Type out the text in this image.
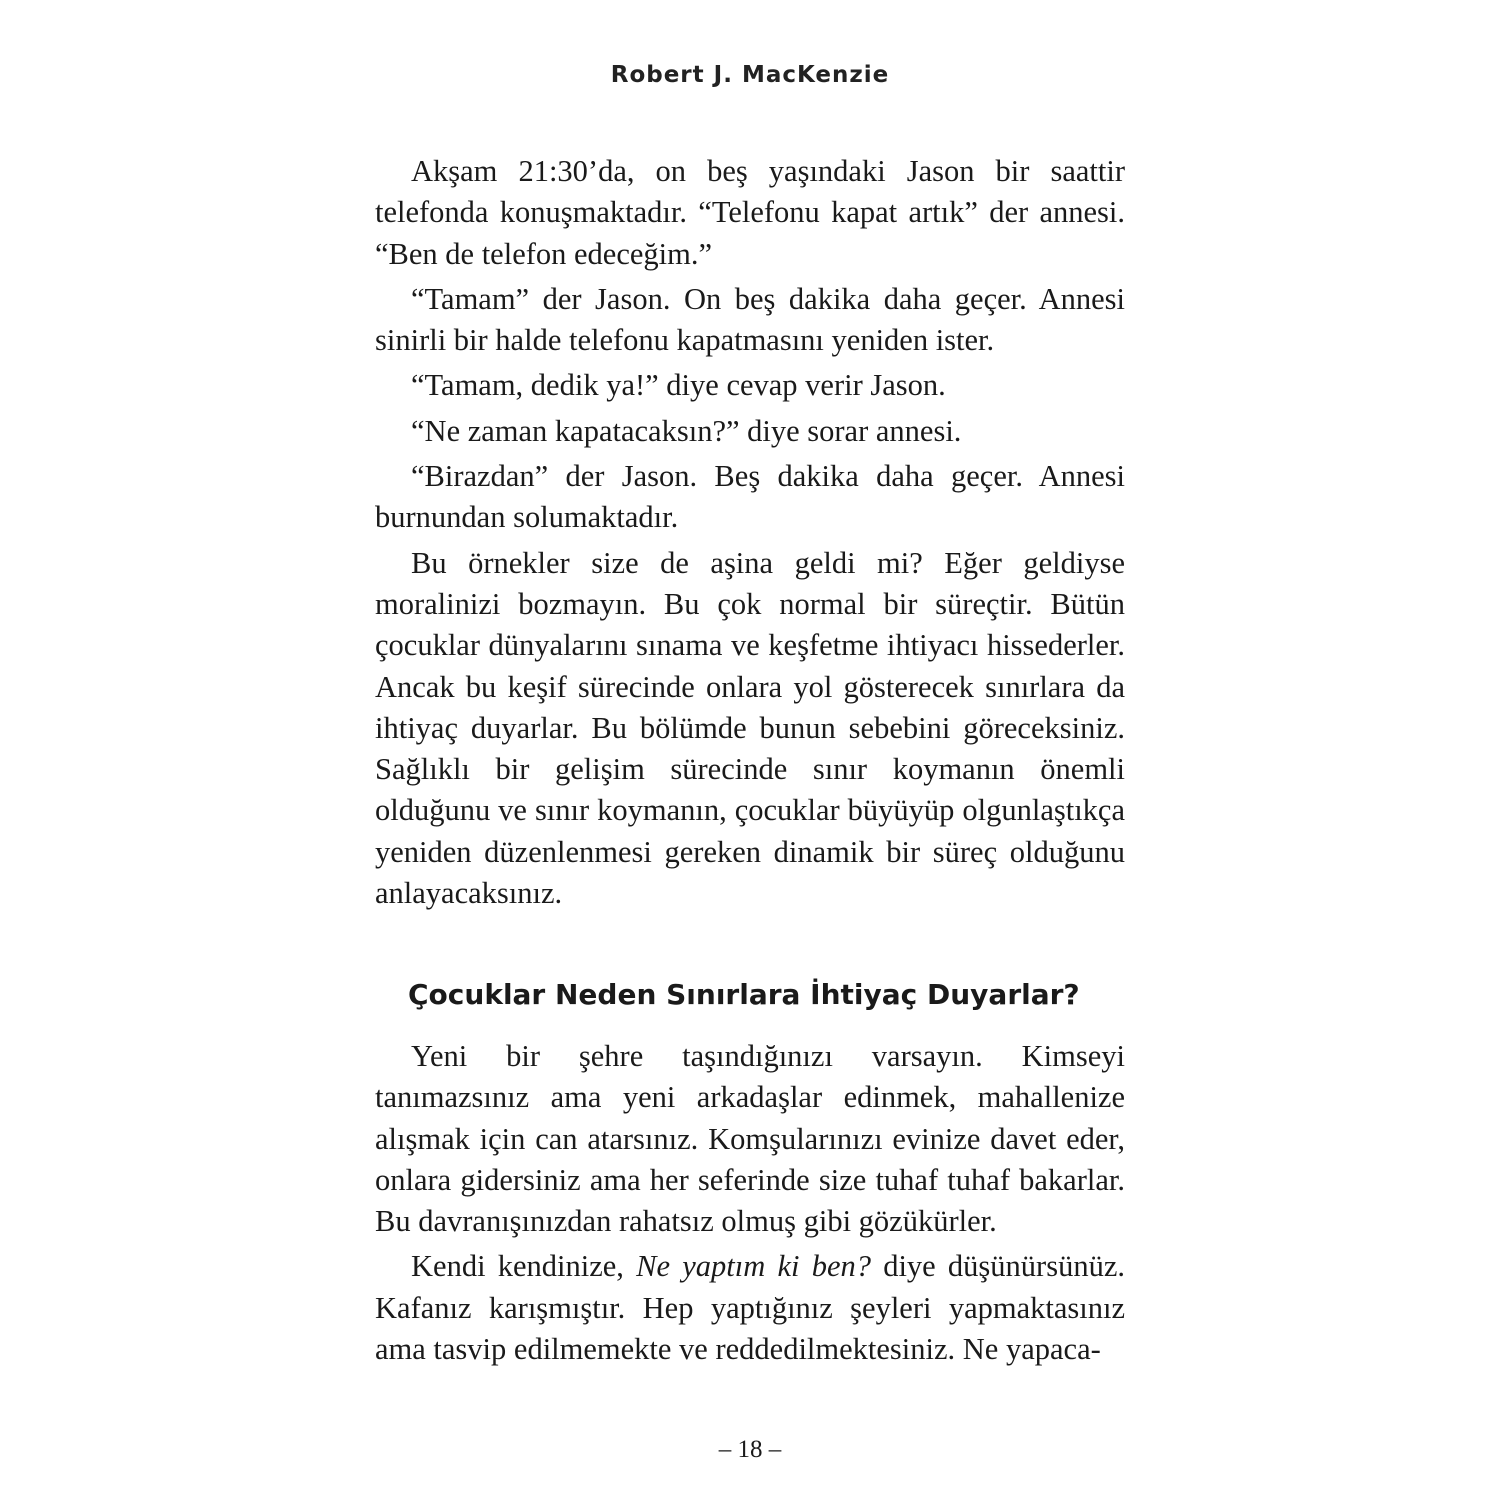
Robert J. MacKenzie

Akşam 21:30’da, on beş yaşındaki Jason bir saattir telefonda konuşmaktadır. “Telefonu kapat artık” der annesi. “Ben de telefon edeceğim.”

“Tamam” der Jason. On beş dakika daha geçer. Annesi sinirli bir halde telefonu kapatmasını yeniden ister.

“Tamam, dedik ya!” diye cevap verir Jason.

“Ne zaman kapatacaksın?” diye sorar annesi.

“Birazdan” der Jason. Beş dakika daha geçer. Annesi burnundan solumaktadır.

Bu örnekler size de aşina geldi mi? Eğer geldiyse moralinizi bozmayın. Bu çok normal bir süreçtir. Bütün çocuklar dünyalarını sınama ve keşfetme ihtiyacı hissederler. Ancak bu keşif sürecinde onlara yol gösterecek sınırlara da ihtiyaç duyarlar. Bu bölümde bunun sebebini göreceksiniz. Sağlıklı bir gelişim sürecinde sınır koymanın önemli olduğunu ve sınır koymanın, çocuklar büyüyüp olgunlaştıkça yeniden düzenlenmesi gereken dinamik bir süreç olduğunu anlayacaksınız.

Çocuklar Neden Sınırlara İhtiyaç Duyarlar?

Yeni bir şehre taşındığınızı varsayın. Kimseyi tanımazsınız ama yeni arkadaşlar edinmek, mahallenize alışmak için can atarsınız. Komşularınızı evinize davet eder, onlara gidersiniz ama her seferinde size tuhaf tuhaf bakarlar. Bu davranışınızdan rahatsız olmuş gibi gözükürler.

Kendi kendinize, Ne yaptım ki ben? diye düşünürsünüz. Kafanız karışmıştır. Hep yaptığınız şeyleri yapmaktasınız ama tasvip edilmemekte ve reddedilmektesiniz. Ne yapaca-

– 18 –
